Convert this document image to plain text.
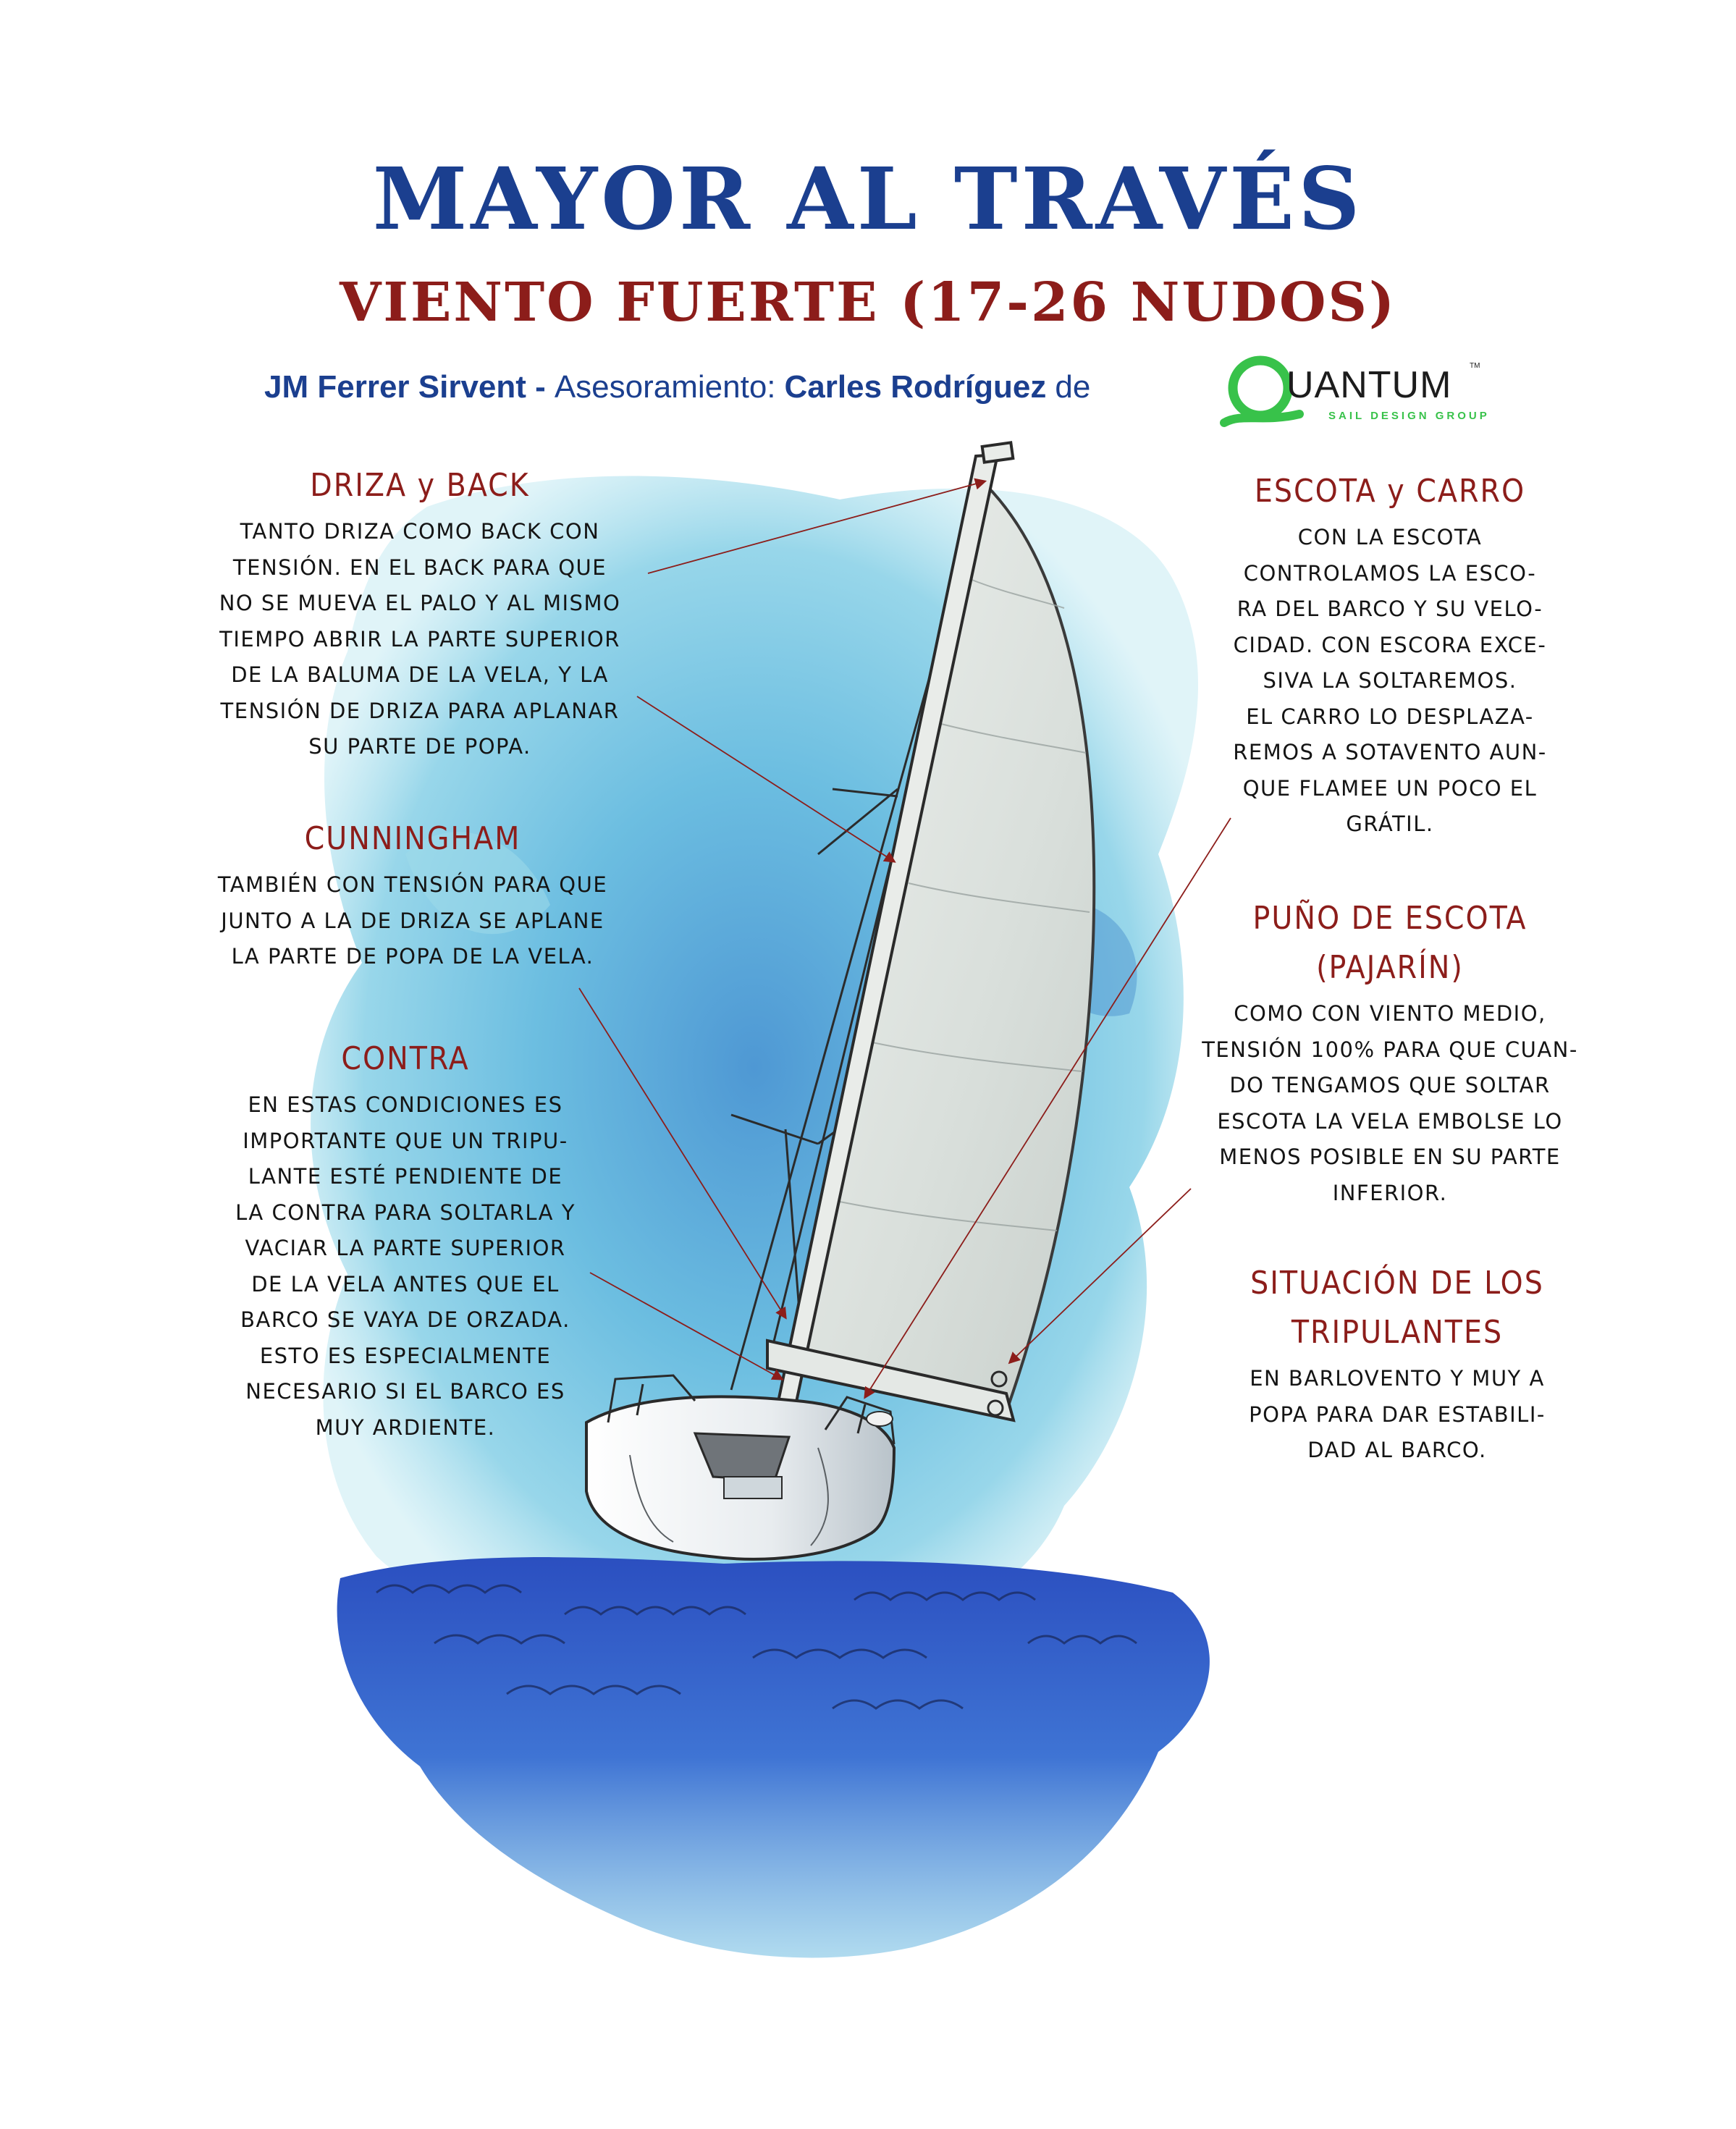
MAYOR AL TRAVÉS
VIENTO FUERTE (17-26 NUDOS)
JM Ferrer Sirvent - Asesoramiento: Carles Rodríguez de	UANTUM TM
SAIL DESIGN GROUP
DRIZA y BACK
TANTO DRIZA COMO BACK CON
TENSIÓN. EN EL BACK PARA QUE
NO SE MUEVA EL PALO Y AL MISMO
TIEMPO ABRIR LA PARTE SUPERIOR
DE LA BALUMA DE LA VELA, Y LA
TENSIÓN DE DRIZA PARA APLANAR
SU PARTE DE POPA.
CUNNINGHAM
TAMBIÉN CON TENSIÓN PARA QUE
JUNTO A LA DE DRIZA SE APLANE
LA PARTE DE POPA DE LA VELA.
CONTRA
EN ESTAS CONDICIONES ES
IMPORTANTE QUE UN TRIPU-
LANTE ESTÉ PENDIENTE DE
LA CONTRA PARA SOLTARLA Y
VACIAR LA PARTE SUPERIOR
DE LA VELA ANTES QUE EL
BARCO SE VAYA DE ORZADA.
ESTO ES ESPECIALMENTE
NECESARIO SI EL BARCO ES
MUY ARDIENTE.
ESCOTA y CARRO
CON LA ESCOTA
CONTROLAMOS LA ESCO-
RA DEL BARCO Y SU VELO-
CIDAD. CON ESCORA EXCE-
SIVA LA SOLTAREMOS.
EL CARRO LO DESPLAZA-
REMOS A SOTAVENTO AUN-
QUE FLAMEE UN POCO EL
GRÁTIL.
PUÑO DE ESCOTA
(PAJARÍN)
COMO CON VIENTO MEDIO,
TENSIÓN 100% PARA QUE CUAN-
DO TENGAMOS QUE SOLTAR
ESCOTA LA VELA EMBOLSE LO
MENOS POSIBLE EN SU PARTE
INFERIOR.
SITUACIÓN DE LOS
TRIPULANTES
EN BARLOVENTO Y MUY A
POPA PARA DAR ESTABILI-
DAD AL BARCO.
